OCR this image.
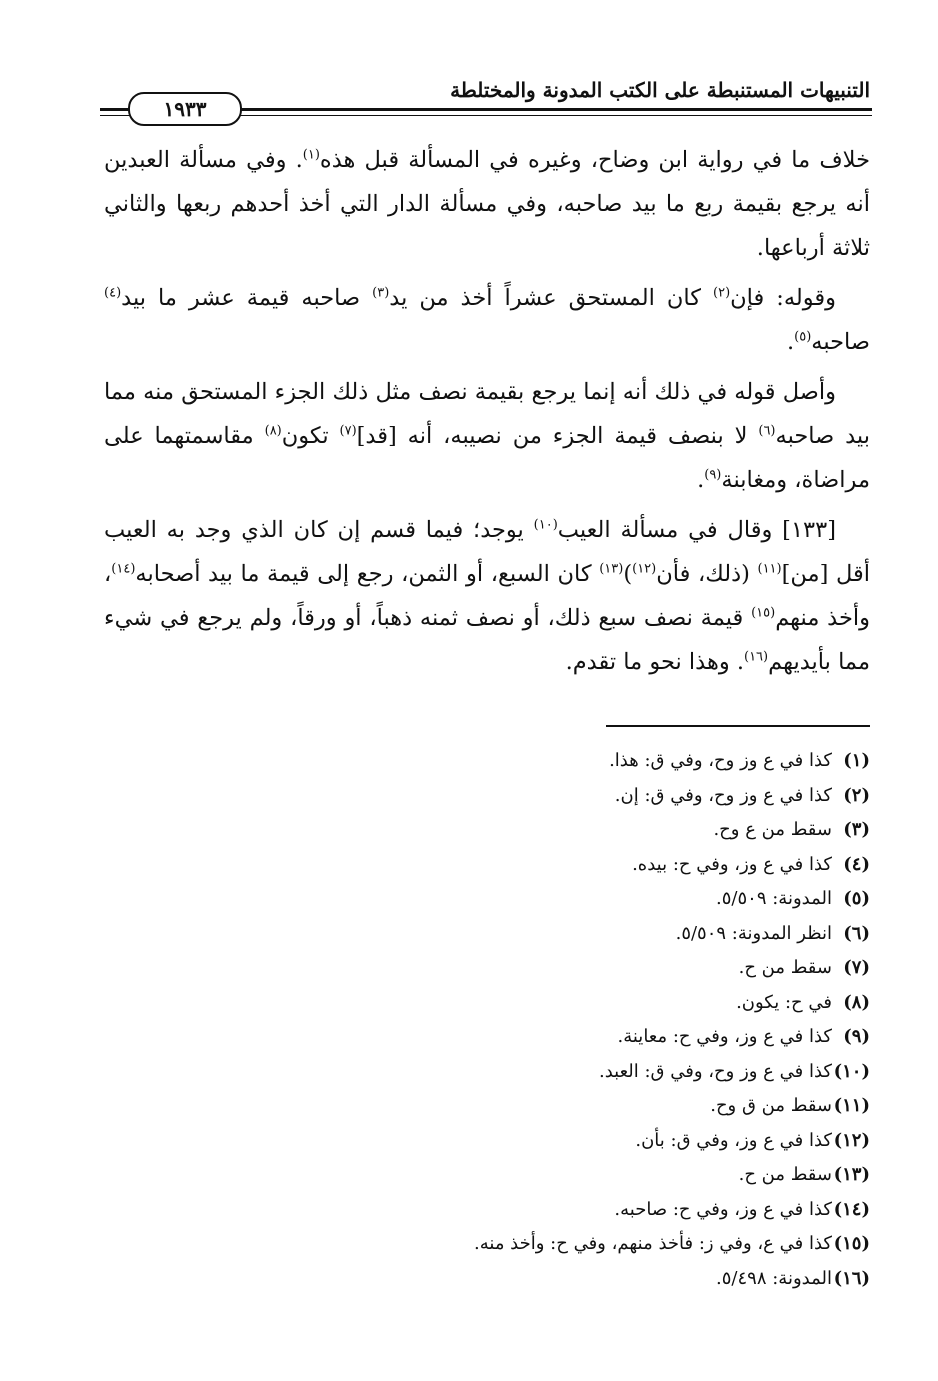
التنبيهات المستنبطة على الكتب المدونة والمختلطة
١٩٣٣

خلاف ما في رواية ابن وضاح، وغيره في المسألة قبل هذه$^{(١)}$. وفي مسألة العبدين أنه يرجع بقيمة ربع ما بيد صاحبه، وفي مسألة الدار التي أخذ أحدهم ربعها والثاني ثلاثة أرباعها.

وقوله: فإن$^{(٢)}$ كان المستحق عشراً أخذ من يد$^{(٣)}$ صاحبه قيمة عشر ما بيد$^{(٤)}$ صاحبه$^{(٥)}$.

وأصل قوله في ذلك أنه إنما يرجع بقيمة نصف مثل ذلك الجزء المستحق منه مما بيد صاحبه$^{(٦)}$ لا بنصف قيمة الجزء من نصيبه، أنه [قد]$^{(٧)}$ تكون$^{(٨)}$ مقاسمتهما على مراضاة، ومغابنة$^{(٩)}$.

[١٣٣] وقال في مسألة العيب$^{(١٠)}$ يوجد؛ فيما قسم إن كان الذي وجد به العيب أقل [من]$^{(١١)}$ (ذلك، فأن$^{(١٢)}$)$^{(١٣)}$ كان السبع، أو الثمن، رجع إلى قيمة ما بيد أصحابه$^{(١٤)}$، وأخذ منهم$^{(١٥)}$ قيمة نصف سبع ذلك، أو نصف ثمنه ذهباً، أو ورقاً، ولم يرجع في شيء مما بأيديهم$^{(١٦)}$. وهذا نحو ما تقدم.

(١)كذا في ع وز وح، وفي ق: هذا.
(٢)كذا في ع وز وح، وفي ق: إن.
(٣)سقط من ع وح.
(٤)كذا في ع وز، وفي ح: بيده.
(٥)المدونة: ٥/٥٠٩.
(٦)انظر المدونة: ٥/٥٠٩.
(٧)سقط من ح.
(٨)في ح: يكون.
(٩)كذا في ع وز، وفي ح: معاينة.
(١٠)كذا في ع وز وح، وفي ق: العبد.
(١١)سقط من ق وح.
(١٢)كذا في ع وز، وفي ق: بأن.
(١٣)سقط من ح.
(١٤)كذا في ع وز، وفي ح: صاحبه.
(١٥)كذا في ع، وفي ز: فأخذ منهم، وفي ح: وأخذ منه.
(١٦)المدونة: ٥/٤٩٨.
